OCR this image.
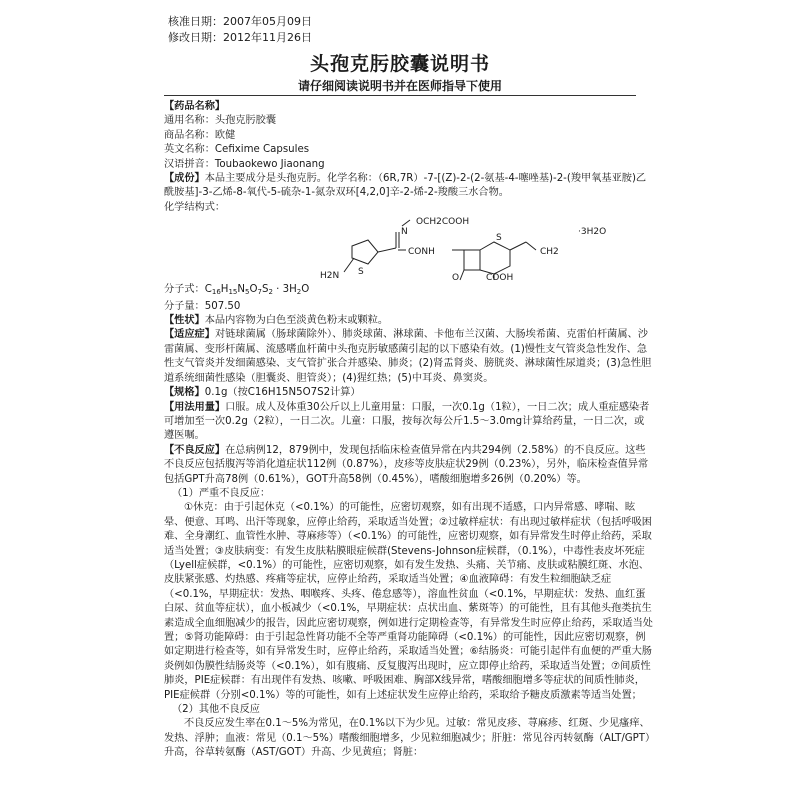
核准日期：2007年05月09日

修改日期：2012年11月26日

头孢克肟胶囊说明书
请仔细阅读说明书并在医师指导下使用

【药品名称】

通用名称：头孢克肟胶囊

商品名称：欧健

英文名称：Cefixime Capsules

汉语拼音：Toubaokewo Jiaonang

【成份】本品主要成分是头孢克肟。化学名称：（6R,7R）-7-[(Z)-2-(2-氨基-4-噻唑基)-2-(羧甲氧基亚胺)乙酰胺基]-3-乙烯-8-氧代-5-硫杂-1-氮杂双环[4,2,0]辛-2-烯-2-羧酸三水合物。

化学结构式：

OCH2COOH
N
CONH
H2N S
S
O	COOH
CH2
·3H2O

分子式：$C_{16}H_{15}N_5O_7S_2 \cdot 3H_2O$

分子量：507.50

【性状】本品内容物为白色至淡黄色粉末或颗粒。

【适应症】对链球菌属（肠球菌除外）、肺炎球菌、淋球菌、卡他布兰汉菌、大肠埃希菌、克雷伯杆菌属、沙雷菌属、变形杆菌属、流感嗜血杆菌中头孢克肟敏感菌引起的以下感染有效。(1)慢性支气管炎急性发作、急性支气管炎并发细菌感染、支气管扩张合并感染、肺炎；(2)肾盂肾炎、膀胱炎、淋球菌性尿道炎；(3)急性胆道系统细菌性感染（胆囊炎、胆管炎）；(4)猩红热；(5)中耳炎、鼻窦炎。

【规格】0.1g（按C16H15N5O7S2计算）

【用法用量】口服。成人及体重30公斤以上儿童用量：口服，一次0.1g（1粒），一日二次；成人重症感染者可增加至一次0.2g（2粒），一日二次。儿童：口服，按每次每公斤1.5～3.0mg计算给药量，一日二次，或遵医嘱。

【不良反应】在总病例12，879例中，发现包括临床检查值异常在内共294例（2.58%）的不良反应。这些不良反应包括腹泻等消化道症状112例（0.87%），皮疹等皮肤症状29例（0.23%），另外，临床检查值异常包括GPT升高78例（0.61%），GOT升高58例（0.45%），嗜酸细胞增多26例（0.20%）等。

（1）严重不良反应：

①休克：由于引起休克（<0.1%）的可能性，应密切观察，如有出现不适感，口内异常感、哮喘、眩晕、便意、耳鸣、出汗等现象，应停止给药，采取适当处置；②过敏样症状：有出现过敏样症状（包括呼吸困难、全身潮红、血管性水肿、荨麻疹等）（<0.1%）的可能性，应密切观察，如有异常发生时停止给药，采取适当处置；③皮肤病变：有发生皮肤粘膜眼症候群(Stevens-Johnson症候群，（0.1%），中毒性表皮坏死症（Lyell症候群，<0.1%）的可能性，应密切观察，如有发生发热、头痛、关节痛、皮肤或粘膜红斑、水泡、皮肤紧张感、灼热感、疼痛等症状，应停止给药，采取适当处置；④血液障碍：有发生粒细胞缺乏症（<0.1%，早期症状：发热、咽喉疼、头疼、倦怠感等），溶血性贫血（<0.1%，早期症状：发热、血红蛋白尿、贫血等症状），血小板减少（<0.1%，早期症状：点状出血、紫斑等）的可能性，且有其他头孢类抗生素造成全血细胞减少的报告，因此应密切观察，例如进行定期检查等，有异常发生时应停止给药，采取适当处置；⑤肾功能障碍：由于引起急性肾功能不全等严重肾功能障碍（<0.1%）的可能性，因此应密切观察，例如定期进行检查等，如有异常发生时，应停止给药，采取适当处置；⑥结肠炎：可能引起伴有血便的严重大肠炎例如伪膜性结肠炎等（<0.1%），如有腹痛、反复腹泻出现时，应立即停止给药，采取适当处置；⑦间质性肺炎，PIE症候群：有出现伴有发热、咳嗽、呼吸困难、胸部X线异常，嗜酸细胞增多等症状的间质性肺炎，PIE症候群（分别<0.1%）等的可能性，如有上述症状发生应停止给药，采取给予糖皮质激素等适当处置；

（2）其他不良反应

不良反应发生率在0.1～5%为常见，在0.1%以下为少见。过敏：常见皮疹、荨麻疹、红斑、少见瘙痒、发热、浮肿；血液：常见（0.1～5%）嗜酸细胞增多，少见粒细胞减少；肝脏：常见谷丙转氨酶（ALT/GPT）升高，谷草转氨酶（AST/GOT）升高、少见黄疸；肾脏：
